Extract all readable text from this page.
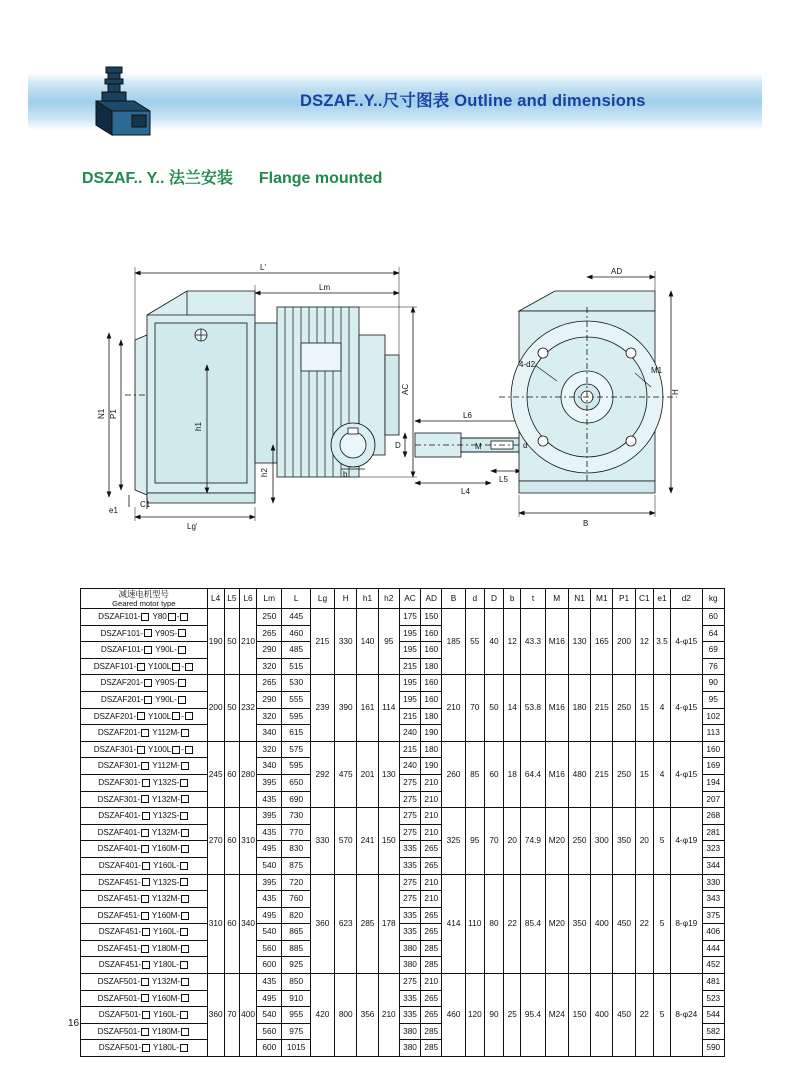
DSZAF..Y..尺寸图表 Outline and dimensions
DSZAF.. Y.. 法兰安装 Flange mounted
L'
Lm
AC
AD
H
B
h1
h2
P1
N1
C1
e1
Lg'
L4
L5
L6
M
D	d
b
4-d2
M1
减速电机型号
Geared motor type	L4	L5	L6	Lm	L	Lg	H	h1	h2	AC	AD	B	d	D	b	t	M	N1	M1	P1	C1	e1	d2	kg
DSZAF101- Y80 -	190	50	210	250	445	215	330	140	95	175	150	185	55	40	12	43.3	M16	130	165	200	12	3.5	4-φ15	60
DSZAF101- Y90S-				265	460					195	160													64
DSZAF101- Y90L-				290	485					195	160													69
DSZAF101- Y100L -				320	515					215	180													76
DSZAF201- Y90S-	200	50	232	265	530	239	390	161	114	195	160	210	70	50	14	53.8	M16	180	215	250	15	4	4-φ15	90
DSZAF201- Y90L-				290	555					195	160													95
DSZAF201- Y100L -				320	595					215	180													102
DSZAF201- Y112M-				340	615					240	190													113
DSZAF301- Y100L -	245	60	280	320	575	292	475	201	130	215	180	260	85	60	18	64.4	M16	480	215	250	15	4	4-φ15	160
DSZAF301- Y112M-				340	595					240	190													169
DSZAF301- Y132S-				395	650					275	210													194
DSZAF301- Y132M-				435	690					275	210													207
DSZAF401- Y132S-	270	60	310	395	730	330	570	241	150	275	210	325	95	70	20	74.9	M20	250	300	350	20	5	4-φ19	268
DSZAF401- Y132M-				435	770					275	210													281
DSZAF401- Y160M-				495	830					335	265													323
DSZAF401- Y160L-				540	875					335	265													344
DSZAF451- Y132S-	310	60	340	395	720	360	623	285	178	275	210	414	110	80	22	85.4	M20	350	400	450	22	5	8-φ19	330
DSZAF451- Y132M-				435	760					275	210													343
DSZAF451- Y160M-				495	820					335	265													375
DSZAF451- Y160L-				540	865					335	265													406
DSZAF451- Y180M-				560	885					380	285													444
DSZAF451- Y180L-				600	925					380	285													452
DSZAF501- Y132M-	360	70	400	435	850	420	800	356	210	275	210	460	120	90	25	95.4	M24	150	400	450	22	5	8-φ24	481
DSZAF501- Y160M-				495	910					335	265													523
DSZAF501- Y160L-				540	955					335	265													544
DSZAF501- Y180M-				560	975					380	285													582
DSZAF501- Y180L-				600	1015					380	285													590
16
